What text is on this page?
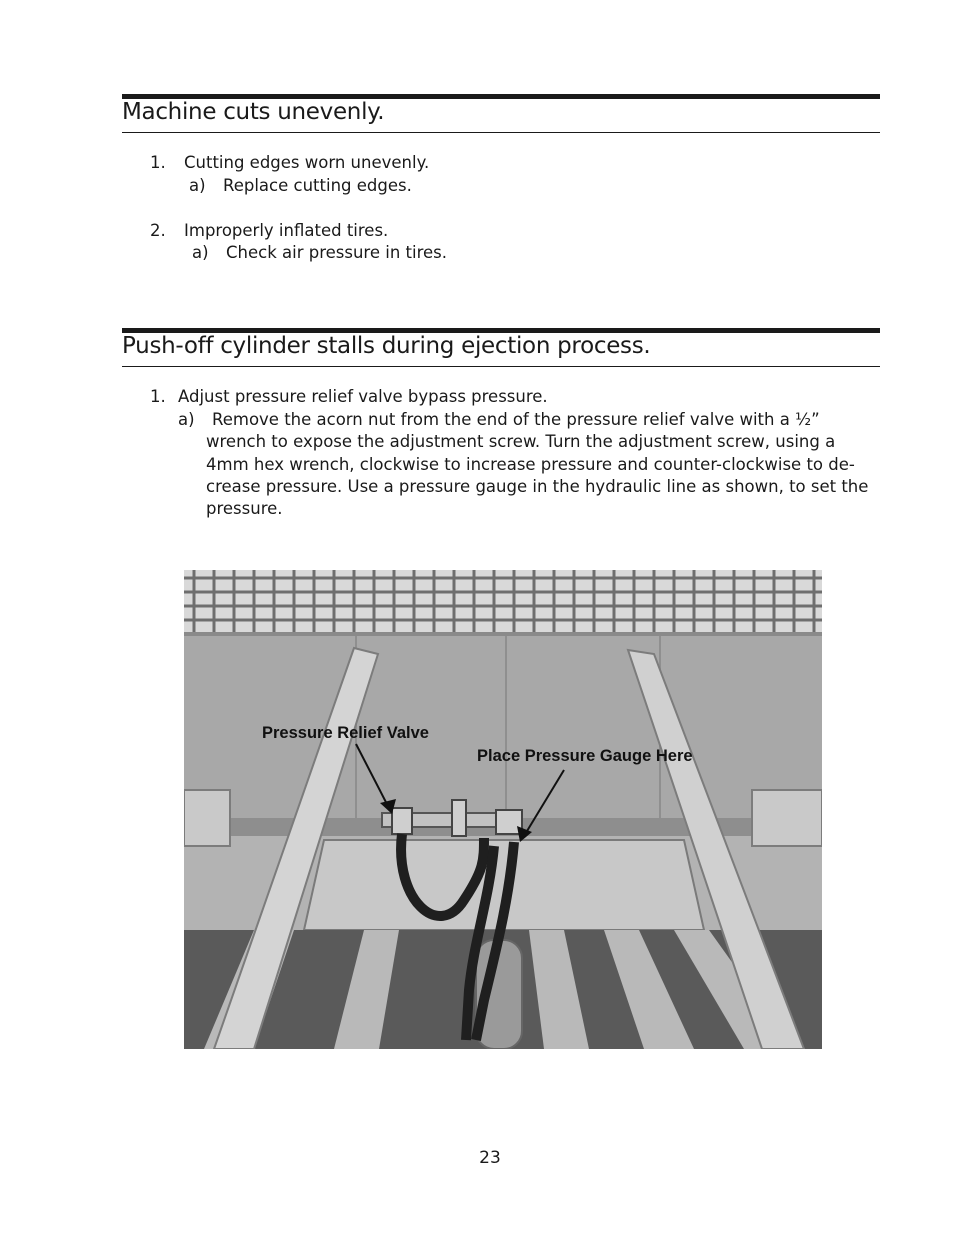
Machine cuts unevenly.
1. Cutting edges worn unevenly.
a) Replace cutting edges.
2. Improperly inflated tires.
a) Check air pressure in tires.
Push-off cylinder stalls during ejection process.
1. Adjust pressure relief valve bypass pressure.
a) Remove the acorn nut from the end of the pressure relief valve with a ½”
wrench to expose the adjustment screw. Turn the adjustment screw, using a
4mm hex wrench, clockwise to increase pressure and counter-clockwise to de-
crease pressure. Use a pressure gauge in the hydraulic line as shown, to set the
pressure.
Pressure Relief Valve
Place Pressure Gauge Here
23
